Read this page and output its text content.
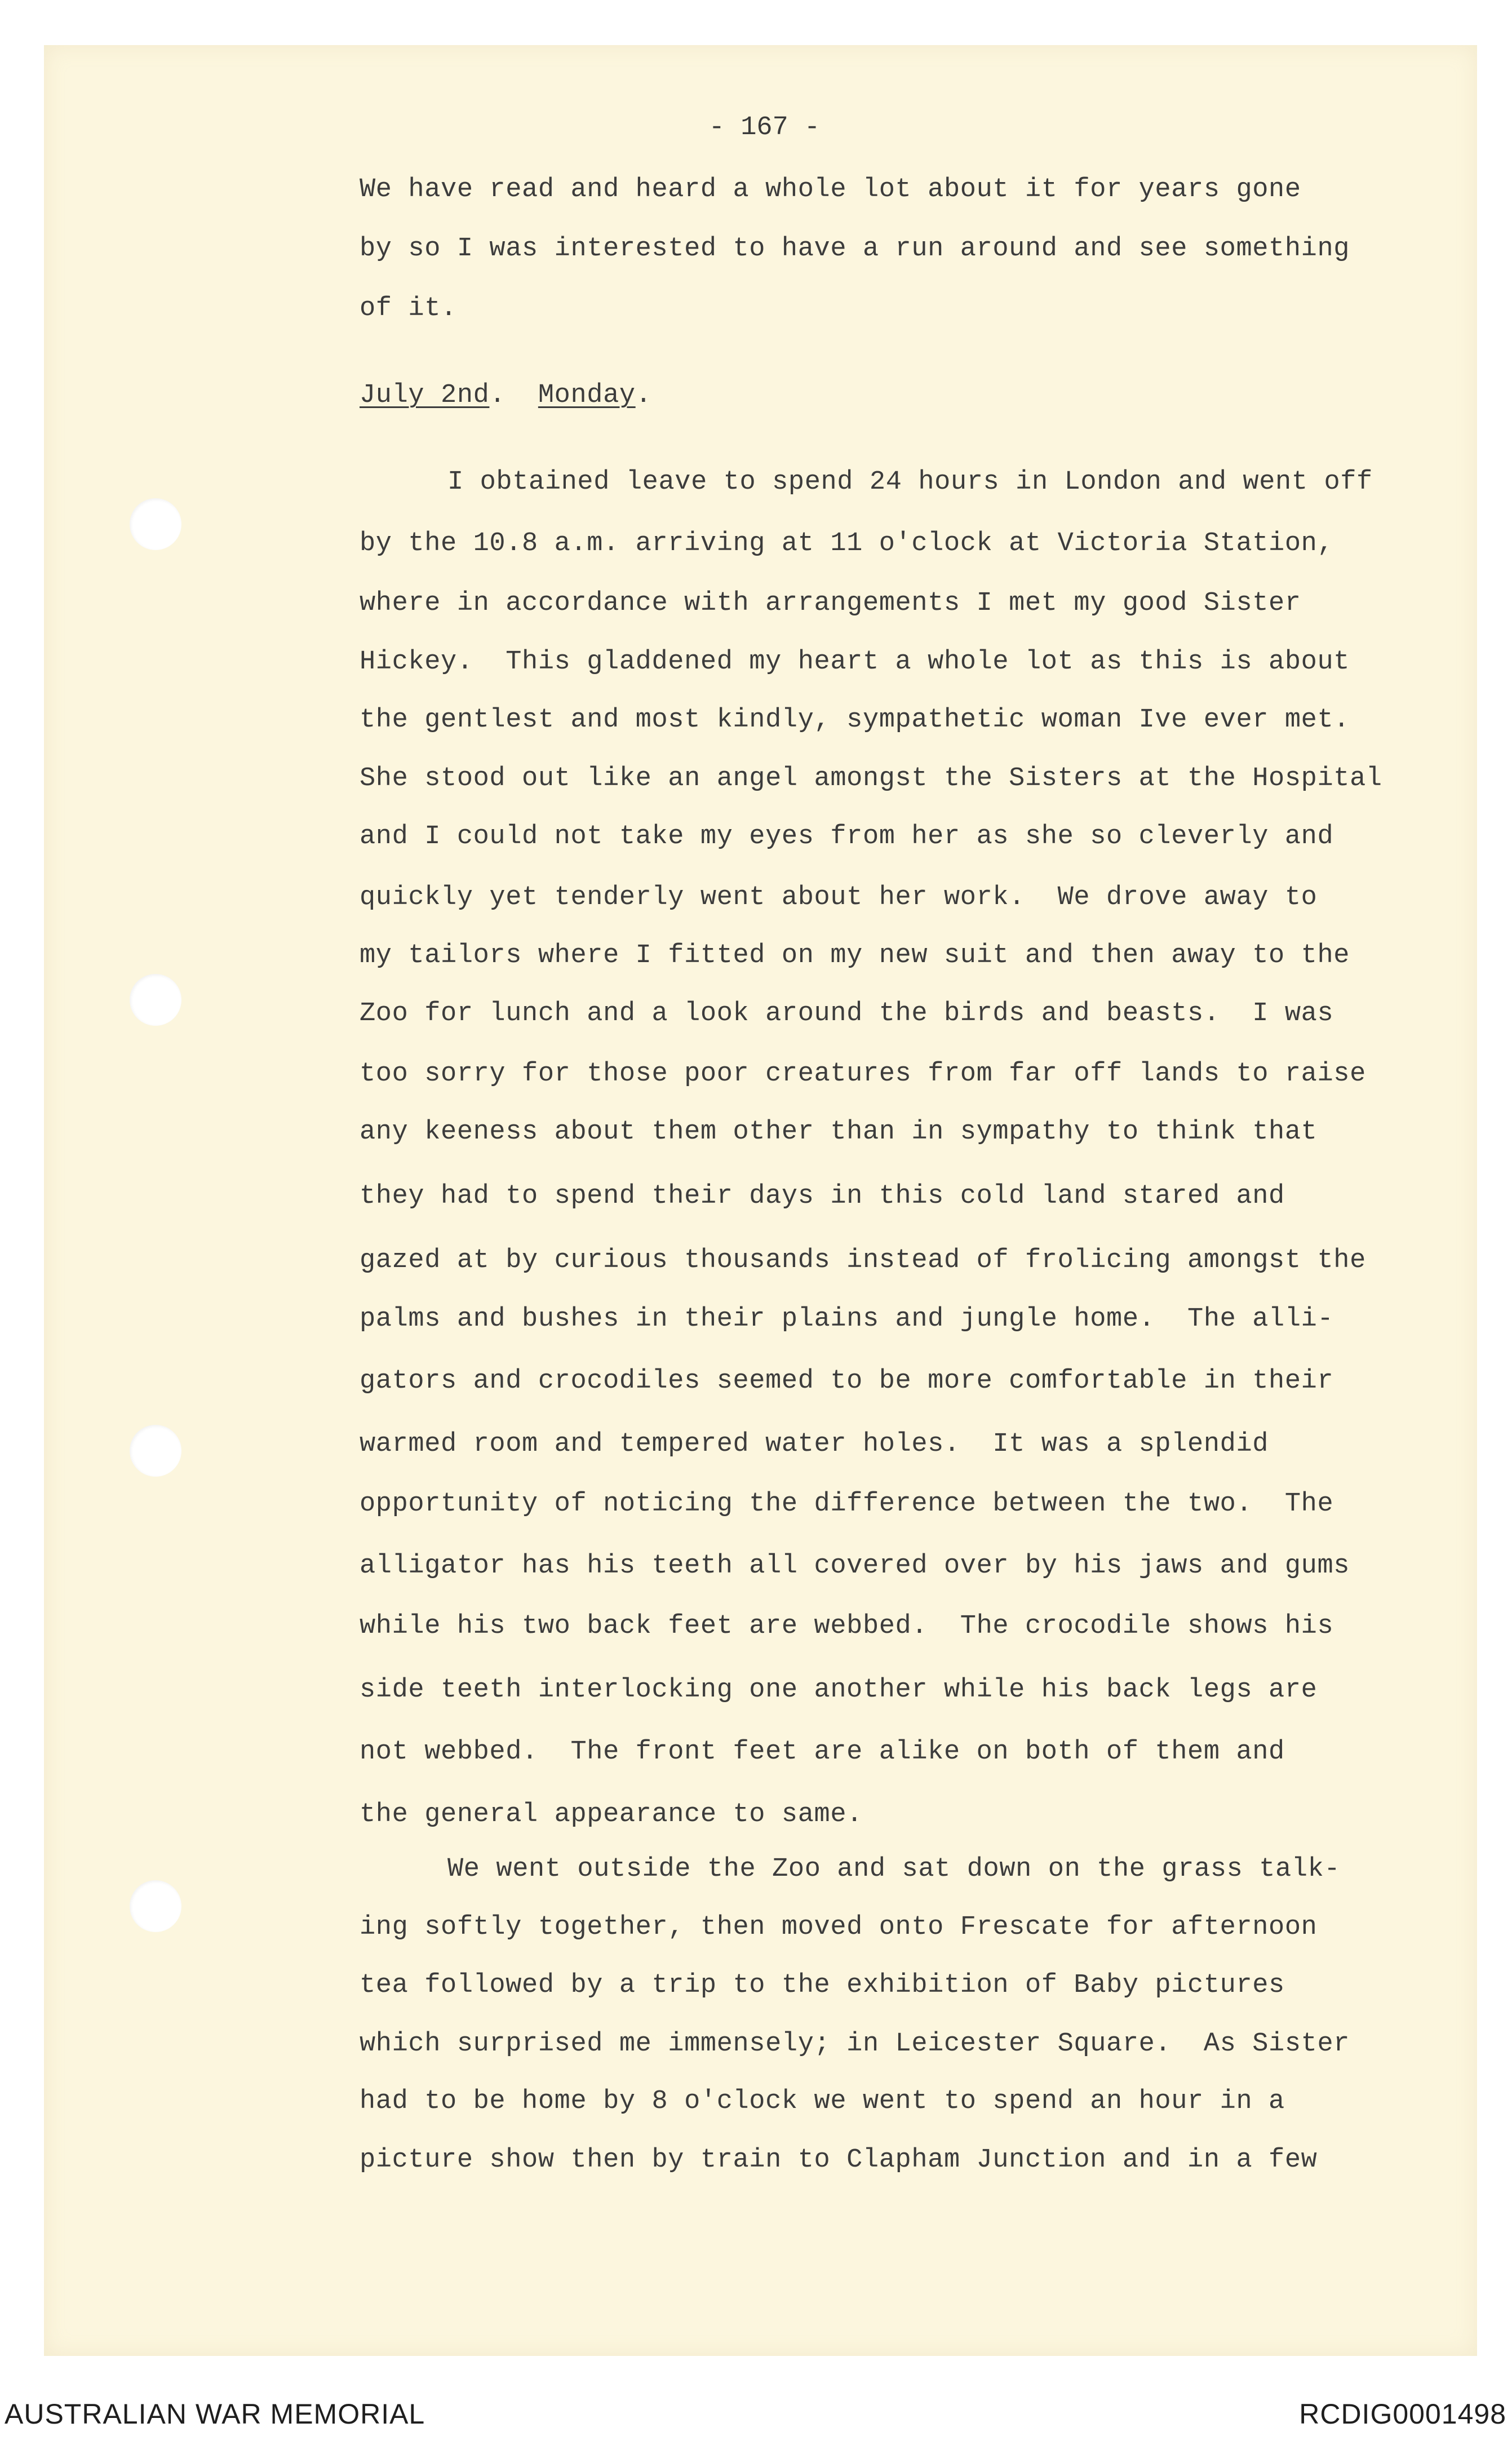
- 167 -
We have read and heard a whole lot about it for years gone
by so I was interested to have a run around and see something
of it.
July 2nd.  Monday.
I obtained leave to spend 24 hours in London and went off
by the 10.8 a.m. arriving at 11 o'clock at Victoria Station,
where in accordance with arrangements I met my good Sister
Hickey.  This gladdened my heart a whole lot as this is about
the gentlest and most kindly, sympathetic woman Ive ever met.
She stood out like an angel amongst the Sisters at the Hospital
and I could not take my eyes from her as she so cleverly and
quickly yet tenderly went about her work.  We drove away to
my tailors where I fitted on my new suit and then away to the
Zoo for lunch and a look around the birds and beasts.  I was
too sorry for those poor creatures from far off lands to raise
any keeness about them other than in sympathy to think that
they had to spend their days in this cold land stared and
gazed at by curious thousands instead of frolicing amongst the
palms and bushes in their plains and jungle home.  The alli-
gators and crocodiles seemed to be more comfortable in their
warmed room and tempered water holes.  It was a splendid
opportunity of noticing the difference between the two.  The
alligator has his teeth all covered over by his jaws and gums
while his two back feet are webbed.  The crocodile shows his
side teeth interlocking one another while his back legs are
not webbed.  The front feet are alike on both of them and
the general appearance to same.
We went outside the Zoo and sat down on the grass talk-
ing softly together, then moved onto Frescate for afternoon
tea followed by a trip to the exhibition of Baby pictures
which surprised me immensely; in Leicester Square.  As Sister
had to be home by 8 o'clock we went to spend an hour in a
picture show then by train to Clapham Junction and in a few
AUSTRALIAN WAR MEMORIAL	RCDIG0001498
